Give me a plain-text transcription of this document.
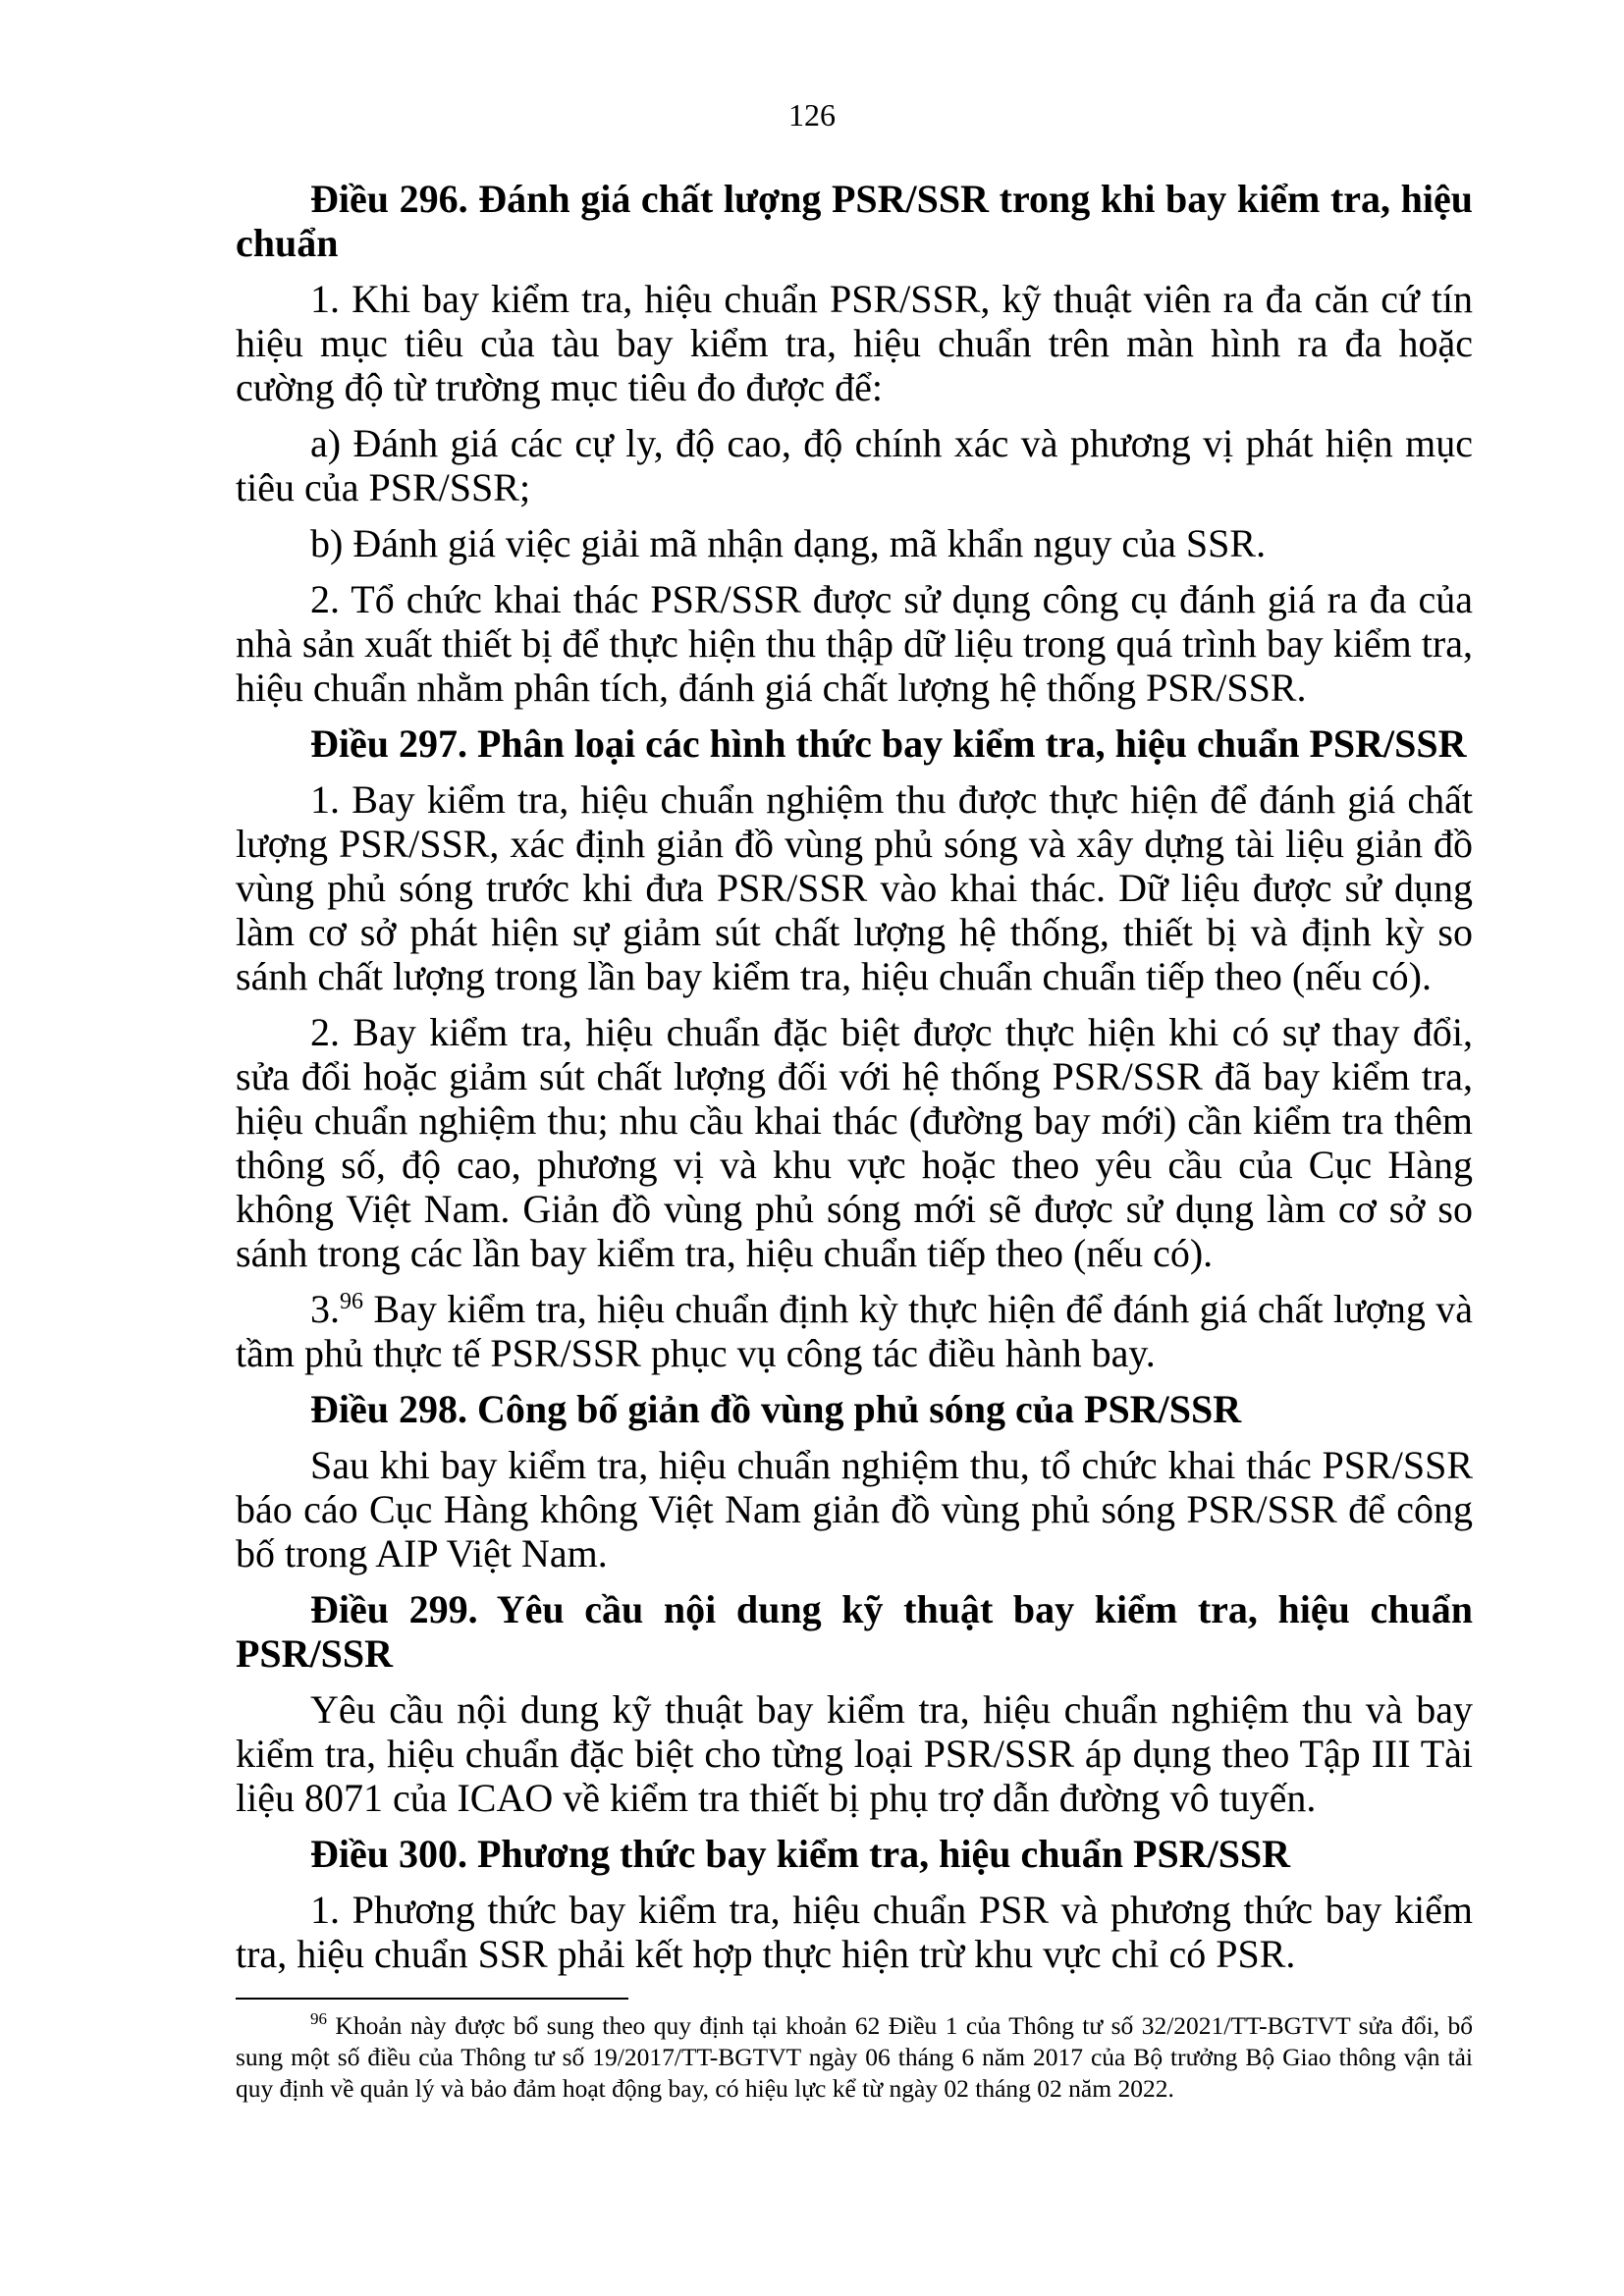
126

Điều 296. Đánh giá chất lượng PSR/SSR trong khi bay kiểm tra, hiệu chuẩn

1. Khi bay kiểm tra, hiệu chuẩn PSR/SSR, kỹ thuật viên ra đa căn cứ tín hiệu mục tiêu của tàu bay kiểm tra, hiệu chuẩn trên màn hình ra đa hoặc cường độ từ trường mục tiêu đo được để:

a) Đánh giá các cự ly, độ cao, độ chính xác và phương vị phát hiện mục tiêu của PSR/SSR;

b) Đánh giá việc giải mã nhận dạng, mã khẩn nguy của SSR.

2. Tổ chức khai thác PSR/SSR được sử dụng công cụ đánh giá ra đa của nhà sản xuất thiết bị để thực hiện thu thập dữ liệu trong quá trình bay kiểm tra, hiệu chuẩn nhằm phân tích, đánh giá chất lượng hệ thống PSR/SSR.

Điều 297. Phân loại các hình thức bay kiểm tra, hiệu chuẩn PSR/SSR

1. Bay kiểm tra, hiệu chuẩn nghiệm thu được thực hiện để đánh giá chất lượng PSR/SSR, xác định giản đồ vùng phủ sóng và xây dựng tài liệu giản đồ vùng phủ sóng trước khi đưa PSR/SSR vào khai thác. Dữ liệu được sử dụng làm cơ sở phát hiện sự giảm sút chất lượng hệ thống, thiết bị và định kỳ so sánh chất lượng trong lần bay kiểm tra, hiệu chuẩn chuẩn tiếp theo (nếu có).

2. Bay kiểm tra, hiệu chuẩn đặc biệt được thực hiện khi có sự thay đổi, sửa đổi hoặc giảm sút chất lượng đối với hệ thống PSR/SSR đã bay kiểm tra, hiệu chuẩn nghiệm thu; nhu cầu khai thác (đường bay mới) cần kiểm tra thêm thông số, độ cao, phương vị và khu vực hoặc theo yêu cầu của Cục Hàng không Việt Nam. Giản đồ vùng phủ sóng mới sẽ được sử dụng làm cơ sở so sánh trong các lần bay kiểm tra, hiệu chuẩn tiếp theo (nếu có).

3.96 Bay kiểm tra, hiệu chuẩn định kỳ thực hiện để đánh giá chất lượng và tầm phủ thực tế PSR/SSR phục vụ công tác điều hành bay.

Điều 298. Công bố giản đồ vùng phủ sóng của PSR/SSR

Sau khi bay kiểm tra, hiệu chuẩn nghiệm thu, tổ chức khai thác PSR/SSR báo cáo Cục Hàng không Việt Nam giản đồ vùng phủ sóng PSR/SSR để công bố trong AIP Việt Nam.

Điều 299. Yêu cầu nội dung kỹ thuật bay kiểm tra, hiệu chuẩn PSR/SSR

Yêu cầu nội dung kỹ thuật bay kiểm tra, hiệu chuẩn nghiệm thu và bay kiểm tra, hiệu chuẩn đặc biệt cho từng loại PSR/SSR áp dụng theo Tập III Tài liệu 8071 của ICAO về kiểm tra thiết bị phụ trợ dẫn đường vô tuyến.

Điều 300. Phương thức bay kiểm tra, hiệu chuẩn PSR/SSR

1. Phương thức bay kiểm tra, hiệu chuẩn PSR và phương thức bay kiểm tra, hiệu chuẩn SSR phải kết hợp thực hiện trừ khu vực chỉ có PSR.

$^{96}$ Khoản này được bổ sung theo quy định tại khoản 62 Điều 1 của Thông tư số 32/2021/TT-BGTVT sửa đổi, bổ sung một số điều của Thông tư số 19/2017/TT-BGTVT ngày 06 tháng 6 năm 2017 của Bộ trưởng Bộ Giao thông vận tải quy định về quản lý và bảo đảm hoạt động bay, có hiệu lực kể từ ngày 02 tháng 02 năm 2022.
